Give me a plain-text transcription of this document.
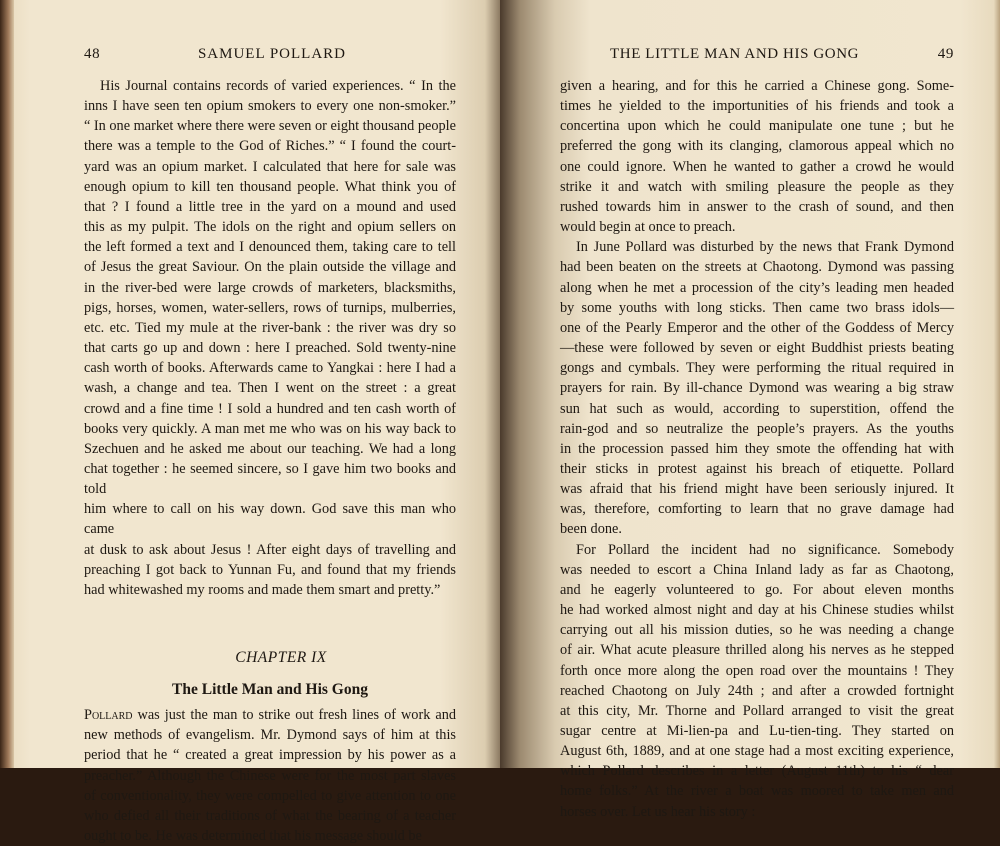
48	SAMUEL POLLARD

His Journal contains records of varied experiences. “ In the

inns I have seen ten opium smokers to every one non-smoker.”

“ In one market where there were seven or eight thousand people

there was a temple to the God of Riches.” “ I found the court-

yard was an opium market. I calculated that here for sale was

enough opium to kill ten thousand people. What think you of

that ? I found a little tree in the yard on a mound and used

this as my pulpit. The idols on the right and opium sellers on

the left formed a text and I denounced them, taking care to tell

of Jesus the great Saviour. On the plain outside the village and

in the river-bed were large crowds of marketers, blacksmiths,

pigs, horses, women, water-sellers, rows of turnips, mulberries,

etc. etc. Tied my mule at the river-bank : the river was dry so

that carts go up and down : here I preached. Sold twenty-nine

cash worth of books. Afterwards came to Yangkai : here I had a

wash, a change and tea. Then I went on the street : a great

crowd and a fine time ! I sold a hundred and ten cash worth of

books very quickly. A man met me who was on his way back to

Szechuen and he asked me about our teaching. We had a long

chat together : he seemed sincere, so I gave him two books and told

him where to call on his way down. God save this man who came

at dusk to ask about Jesus ! After eight days of travelling and

preaching I got back to Yunnan Fu, and found that my friends

had whitewashed my rooms and made them smart and pretty.”

CHAPTER IX
The Little Man and His Gong

Pollard was just the man to strike out fresh lines of work and

new methods of evangelism. Mr. Dymond says of him at this

period that he “ created a great impression by his power as a

preacher.” Although the Chinese were for the most part slaves

of conventionality, they were compelled to give attention to one

who defied all their traditions of what the bearing of a teacher

ought to be. He was determined that his message should be

THE LITTLE MAN AND HIS GONG	49

given a hearing, and for this he carried a Chinese gong. Some-

times he yielded to the importunities of his friends and took a

concertina upon which he could manipulate one tune ; but he

preferred the gong with its clanging, clamorous appeal which no

one could ignore. When he wanted to gather a crowd he would

strike it and watch with smiling pleasure the people as they

rushed towards him in answer to the crash of sound, and then

would begin at once to preach.

In June Pollard was disturbed by the news that Frank Dymond

had been beaten on the streets at Chaotong. Dymond was passing

along when he met a procession of the city’s leading men headed

by some youths with long sticks. Then came two brass idols—

one of the Pearly Emperor and the other of the Goddess of Mercy

—these were followed by seven or eight Buddhist priests beating

gongs and cymbals. They were performing the ritual required in

prayers for rain. By ill-chance Dymond was wearing a big straw

sun hat such as would, according to superstition, offend the

rain-god and so neutralize the people’s prayers. As the youths

in the procession passed him they smote the offending hat with

their sticks in protest against his breach of etiquette. Pollard

was afraid that his friend might have been seriously injured. It

was, therefore, comforting to learn that no grave damage had

been done.

For Pollard the incident had no significance. Somebody

was needed to escort a China Inland lady as far as Chaotong,

and he eagerly volunteered to go. For about eleven months

he had worked almost night and day at his Chinese studies whilst

carrying out all his mission duties, so he was needing a change

of air. What acute pleasure thrilled along his nerves as he stepped

forth once more along the open road over the mountains ! They

reached Chaotong on July 24th ; and after a crowded fortnight

at this city, Mr. Thorne and Pollard arranged to visit the great

sugar centre at Mi-lien-pa and Lu-tien-ting. They started on

August 6th, 1889, and at one stage had a most exciting experience,

which Pollard describes in a letter (August 11th) to his “ dear

home folks.” At the river a boat was moored to take men and

horses over. Let us hear his story :
